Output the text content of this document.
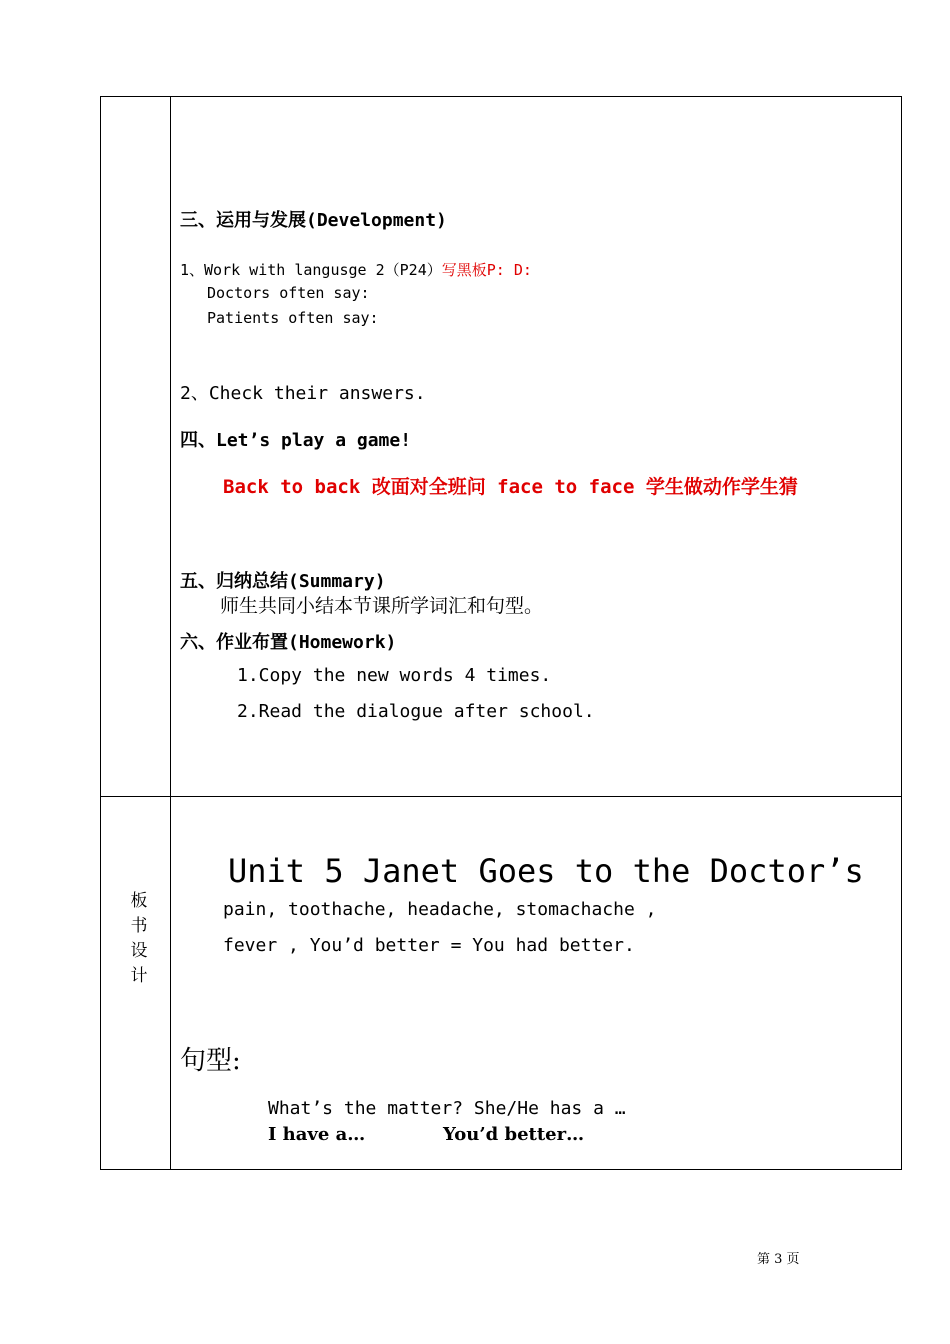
板
书
设
计
三、运用与发展(Development)
1、Work with langusge 2（P24）写黑板P: D:
Doctors often say:
Patients often say:
2、Check their answers.
四、Let’s play a game!
Back to back 改面对全班问 face to face 学生做动作学生猜
五、归纳总结(Summary)
师生共同小结本节课所学词汇和句型。
六、作业布置(Homework)
1.Copy the new words 4 times.
2.Read the dialogue after school.
Unit 5 Janet Goes to the Doctor’s
pain, toothache, headache, stomachache ,
fever , You’d better = You had better.
句型:
What’s the matter? She/He has a …
I have a…	You’d better…
第 3 页
